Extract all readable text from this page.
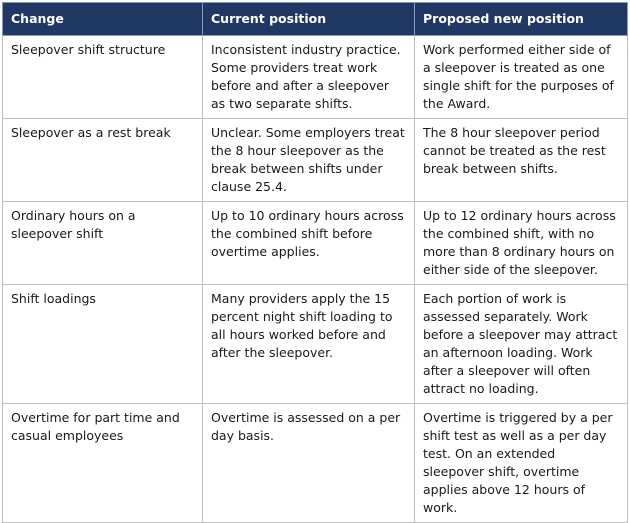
Change	Current position	Proposed new position
Sleepover shift structure	Inconsistent industry practice. Some providers treat work before and after a sleepover as two separate shifts.	Work performed either side of a sleepover is treated as one single shift for the purposes of the Award.
Sleepover as a rest break	Unclear. Some employers treat the 8 hour sleepover as the break between shifts under clause 25.4.	The 8 hour sleepover period cannot be treated as the rest break between shifts.
Ordinary hours on a sleepover shift	Up to 10 ordinary hours across the combined shift before overtime applies.	Up to 12 ordinary hours across the combined shift, with no more than 8 ordinary hours on either side of the sleepover.
Shift loadings	Many providers apply the 15 percent night shift loading to all hours worked before and after the sleepover.	Each portion of work is assessed separately. Work before a sleepover may attract an afternoon loading. Work after a sleepover will often attract no loading.
Overtime for part time and casual employees	Overtime is assessed on a per day basis.	Overtime is triggered by a per shift test as well as a per day test. On an extended sleepover shift, overtime applies above 12 hours of work.
